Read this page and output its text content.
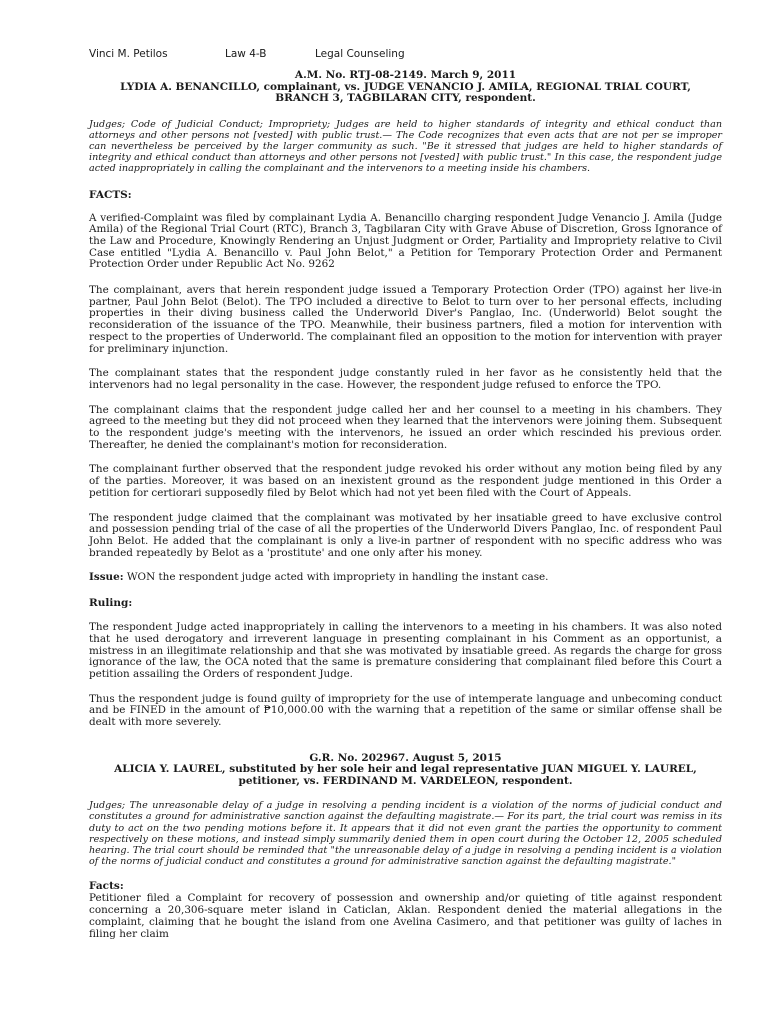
Vinci M. Petilos	Law 4-B	Legal Counseling
A.M. No. RTJ-08-2149. March 9, 2011
LYDIA A. BENANCILLO, complainant, vs. JUDGE VENANCIO J. AMILA, REGIONAL TRIAL COURT, BRANCH 3, TAGBILARAN CITY, respondent.

Judges; Code of Judicial Conduct; Impropriety; Judges are held to higher standards of integrity and ethical conduct than attorneys and other persons not [vested] with public trust.— The Code recognizes that even acts that are not per se improper can nevertheless be perceived by the larger community as such. "Be it stressed that judges are held to higher standards of integrity and ethical conduct than attorneys and other persons not [vested] with public trust." In this case, the respondent judge acted inappropriately in calling the complainant and the intervenors to a meeting inside his chambers.

FACTS:

A verified-Complaint was filed by complainant Lydia A. Benancillo charging respondent Judge Venancio J. Amila (Judge Amila) of the Regional Trial Court (RTC), Branch 3, Tagbilaran City with Grave Abuse of Discretion, Gross Ignorance of the Law and Procedure, Knowingly Rendering an Unjust Judgment or Order, Partiality and Impropriety relative to Civil Case entitled "Lydia A. Benancillo v. Paul John Belot," a Petition for Temporary Protection Order and Permanent Protection Order under Republic Act No. 9262

The complainant, avers that herein respondent judge issued a Temporary Protection Order (TPO) against her live-in partner, Paul John Belot (Belot). The TPO included a directive to Belot to turn over to her personal effects, including properties in their diving business called the Underworld Diver's Panglao, Inc. (Underworld) Belot sought the reconsideration of the issuance of the TPO. Meanwhile, their business partners, filed a motion for intervention with respect to the properties of Underworld. The complainant filed an opposition to the motion for intervention with prayer for preliminary injunction.

The complainant states that the respondent judge constantly ruled in her favor as he consistently held that the intervenors had no legal personality in the case. However, the respondent judge refused to enforce the TPO.

The complainant claims that the respondent judge called her and her counsel to a meeting in his chambers. They agreed to the meeting but they did not proceed when they learned that the intervenors were joining them. Subsequent to the respondent judge's meeting with the intervenors, he issued an order which rescinded his previous order. Thereafter, he denied the complainant's motion for reconsideration.

The complainant further observed that the respondent judge revoked his order without any motion being filed by any of the parties. Moreover, it was based on an inexistent ground as the respondent judge mentioned in this Order a petition for certiorari supposedly filed by Belot which had not yet been filed with the Court of Appeals.

The respondent judge claimed that the complainant was motivated by her insatiable greed to have exclusive control and possession pending trial of the case of all the properties of the Underworld Divers Panglao, Inc. of respondent Paul John Belot. He added that the complainant is only a live-in partner of respondent with no specific address who was branded repeatedly by Belot as a 'prostitute' and one only after his money.

Issue: WON the respondent judge acted with impropriety in handling the instant case.

Ruling:

The respondent Judge acted inappropriately in calling the intervenors to a meeting in his chambers. It was also noted that he used derogatory and irreverent language in presenting complainant in his Comment as an opportunist, a mistress in an illegitimate relationship and that she was motivated by insatiable greed. As regards the charge for gross ignorance of the law, the OCA noted that the same is premature considering that complainant filed before this Court a petition assailing the Orders of respondent Judge.

Thus the respondent judge is found guilty of impropriety for the use of intemperate language and unbecoming conduct and be FINED in the amount of ₱10,000.00 with the warning that a repetition of the same or similar offense shall be dealt with more severely.

G.R. No. 202967. August 5, 2015
ALICIA Y. LAUREL, substituted by her sole heir and legal representative JUAN MIGUEL Y. LAUREL, petitioner, vs. FERDINAND M. VARDELEON, respondent.

Judges; The unreasonable delay of a judge in resolving a pending incident is a violation of the norms of judicial conduct and constitutes a ground for administrative sanction against the defaulting magistrate.— For its part, the trial court was remiss in its duty to act on the two pending motions before it. It appears that it did not even grant the parties the opportunity to comment respectively on these motions, and instead simply summarily denied them in open court during the October 12, 2005 scheduled hearing. The trial court should be reminded that "the unreasonable delay of a judge in resolving a pending incident is a violation of the norms of judicial conduct and constitutes a ground for administrative sanction against the defaulting magistrate."

Facts:

Petitioner filed a Complaint for recovery of possession and ownership and/or quieting of title against respondent concerning a 20,306-square meter island in Caticlan, Aklan. Respondent denied the material allegations in the complaint, claiming that he bought the island from one Avelina Casimero, and that petitioner was guilty of laches in filing her claim
